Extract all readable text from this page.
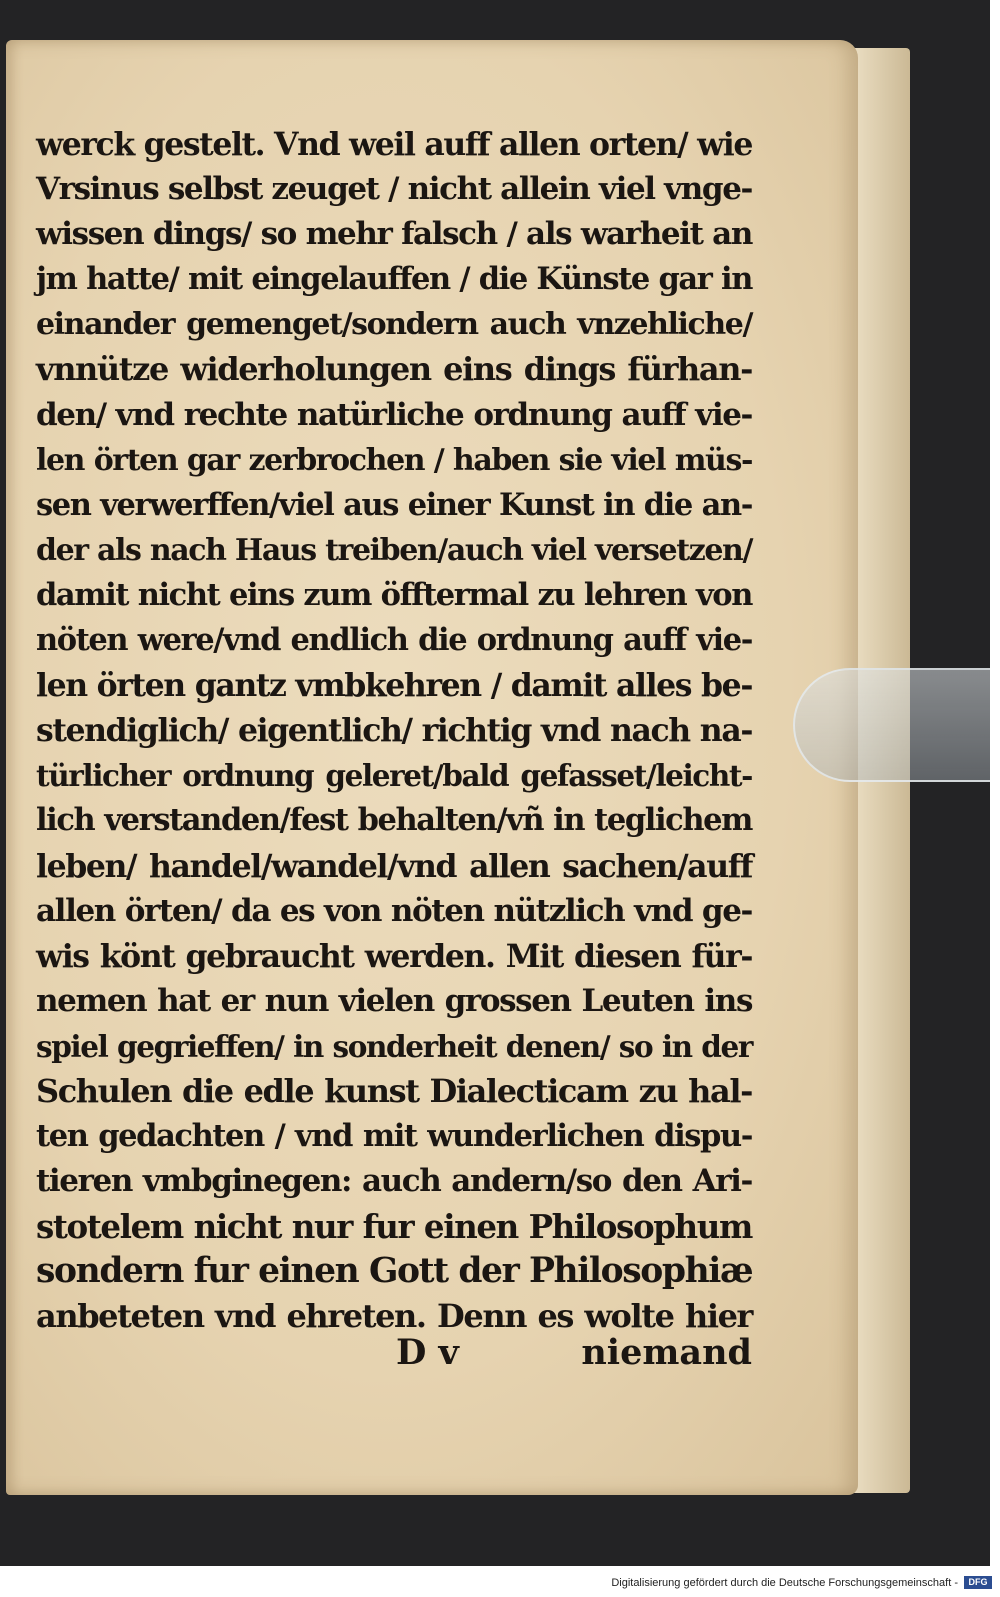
werck gestelt. Vnd weil auff allen orten/ wie
Vrsinus selbst zeuget / nicht allein viel vnge-
wissen dings/ so mehr falsch / als warheit an
jm hatte/ mit eingelauffen / die Künste gar in
einander gemenget/sondern auch vnzehliche/
vnnütze widerholungen eins dings fürhan-
den/ vnd rechte natürliche ordnung auff vie-
len örten gar zerbrochen / haben sie viel müs-
sen verwerffen/viel aus einer Kunst in die an-
der als nach Haus treiben/auch viel versetzen/
damit nicht eins zum öfftermal zu lehren von
nöten were/vnd endlich die ordnung auff vie-
len örten gantz vmbkehren / damit alles be-
stendiglich/ eigentlich/ richtig vnd nach na-
türlicher ordnung geleret/bald gefasset/leicht-
lich verstanden/fest behalten/vñ in teglichem
leben/ handel/wandel/vnd allen sachen/auff
allen örten/ da es von nöten nützlich vnd ge-
wis könt gebraucht werden. Mit diesen für-
nemen hat er nun vielen grossen Leuten ins
spiel gegrieffen/ in sonderheit denen/ so in der
Schulen die edle kunst Dialecticam zu hal-
ten gedachten / vnd mit wunderlichen dispu-
tieren vmbginegen: auch andern/so den Ari-
stotelem nicht nur fur einen Philosophum
sondern fur einen Gott der Philosophiæ
anbeteten vnd ehreten. Denn es wolte hier
D v	niemand
Digitalisierung gefördert durch die Deutsche Forschungsgemeinschaft -	DFG
